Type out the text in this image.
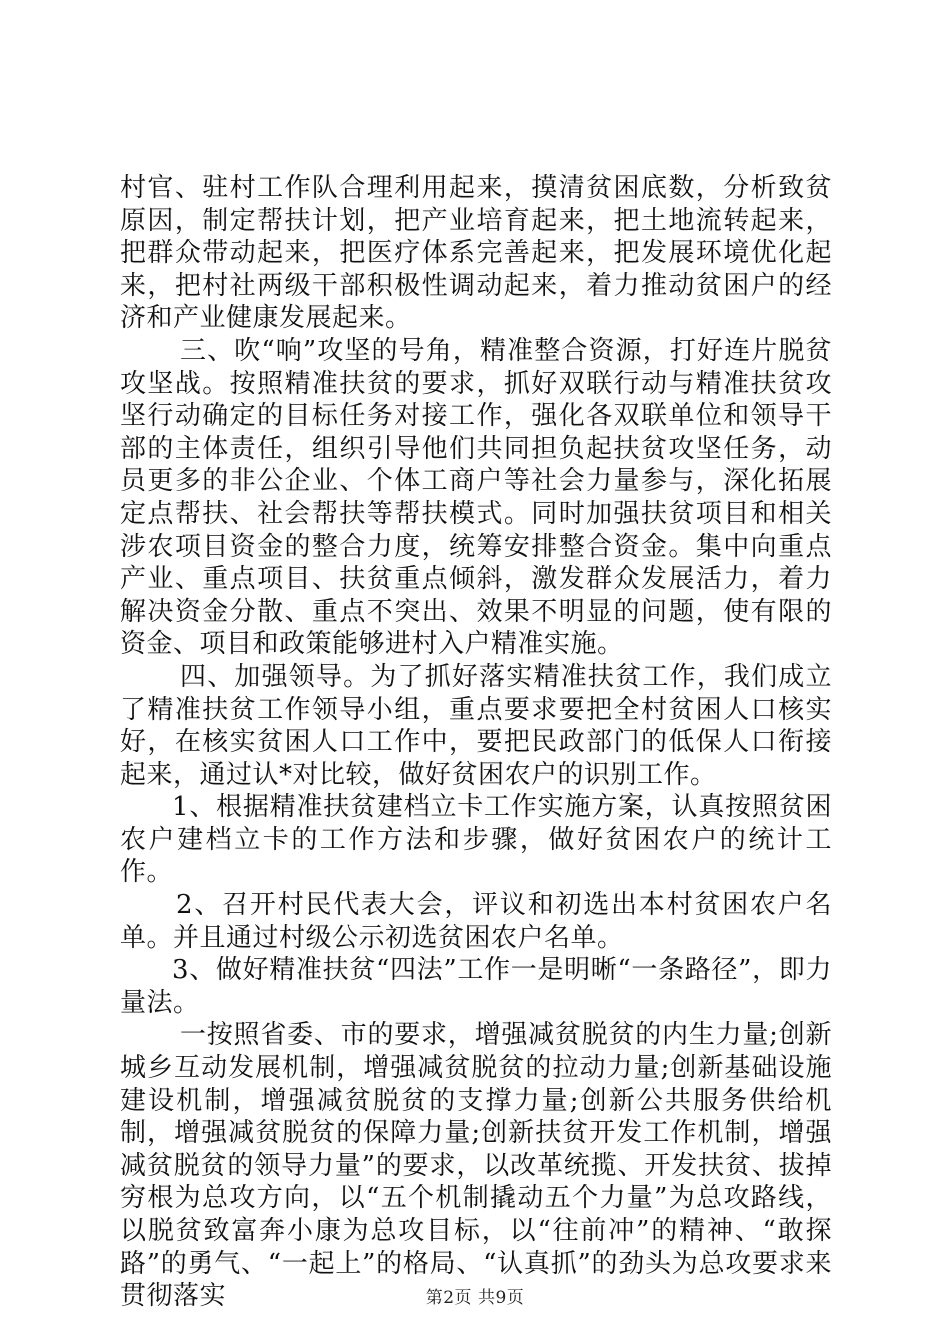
村官、驻村工作队合理利用起来，摸清贫困底数，分析致贫原因，制定帮扶计划，把产业培育起来，把土地流转起来，把群众带动起来，把医疗体系完善起来，把发展环境优化起来，把村社两级干部积极性调动起来，着力推动贫困户的经济和产业健康发展起来。

三、吹“响”攻坚的号角，精准整合资源，打好连片脱贫攻坚战。按照精准扶贫的要求，抓好双联行动与精准扶贫攻坚行动确定的目标任务对接工作，强化各双联单位和领导干部的主体责任，组织引导他们共同担负起扶贫攻坚任务，动员更多的非公企业、个体工商户等社会力量参与，深化拓展定点帮扶、社会帮扶等帮扶模式。同时加强扶贫项目和相关涉农项目资金的整合力度，统筹安排整合资金。集中向重点产业、重点项目、扶贫重点倾斜，激发群众发展活力，着力解决资金分散、重点不突出、效果不明显的问题，使有限的资金、项目和政策能够进村入户精准实施。

四、加强领导。为了抓好落实精准扶贫工作，我们成立了精准扶贫工作领导小组，重点要求要把全村贫困人口核实好，在核实贫困人口工作中，要把民政部门的低保人口衔接起来，通过认*对比较，做好贫困农户的识别工作。

1、根据精准扶贫建档立卡工作实施方案，认真按照贫困农户建档立卡的工作方法和步骤，做好贫困农户的统计工作。

2、召开村民代表大会，评议和初选出本村贫困农户名单。并且通过村级公示初选贫困农户名单。

3、做好精准扶贫“四法”工作一是明晰“一条路径”，即力量法。

一按照省委、市的要求，增强减贫脱贫的内生力量;创新城乡互动发展机制，增强减贫脱贫的拉动力量;创新基础设施建设机制，增强减贫脱贫的支撑力量;创新公共服务供给机制，增强减贫脱贫的保障力量;创新扶贫开发工作机制，增强减贫脱贫的领导力量”的要求，以改革统揽、开发扶贫、拔掉穷根为总攻方向，以“五个机制撬动五个力量”为总攻路线，以脱贫致富奔小康为总攻目标，以“往前冲”的精神、“敢探路”的勇气、“一起上”的格局、“认真抓”的劲头为总攻要求来贯彻落实	第2页 共9页
